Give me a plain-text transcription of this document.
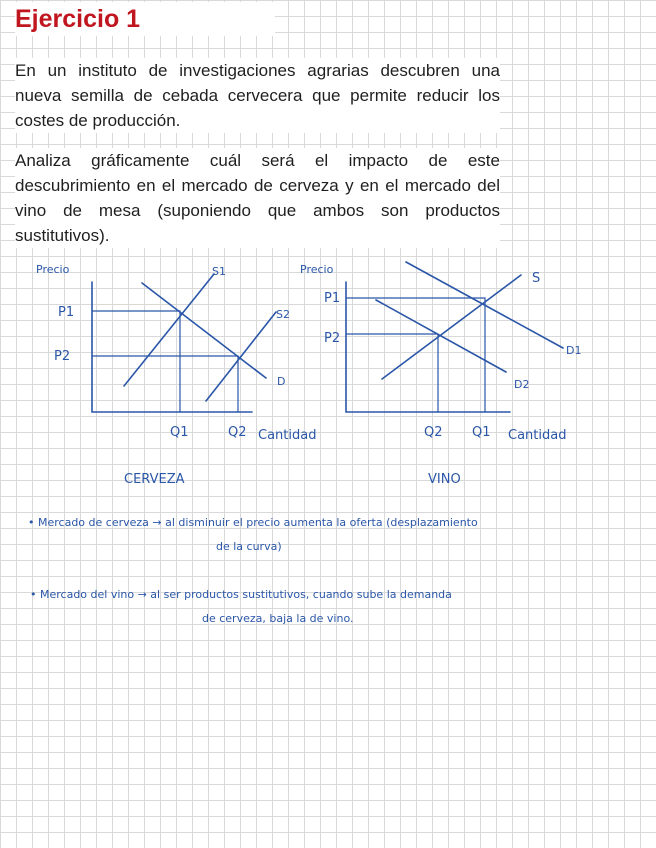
Ejercicio 1

En un instituto de investigaciones agrarias descubren una nueva semilla de cebada cervecera que permite reducir los costes de producción.

Analiza gráficamente cuál será el impacto de este descubrimiento en el mercado de cerveza y en el mercado del vino de mesa (suponiendo que ambos son productos sustitutivos).

Precio
P1
P2
S1
S2
D
Q1	Q2 Cantidad
CERVEZA
Precio
P1
P2
S
D1
D2
Q2 Q1 Cantidad
VINO
• Mercado de cerveza → al disminuir el precio aumenta la oferta (desplazamiento
de la curva)
• Mercado del vino → al ser productos sustitutivos, cuando sube la demanda
de cerveza, baja la de vino.
